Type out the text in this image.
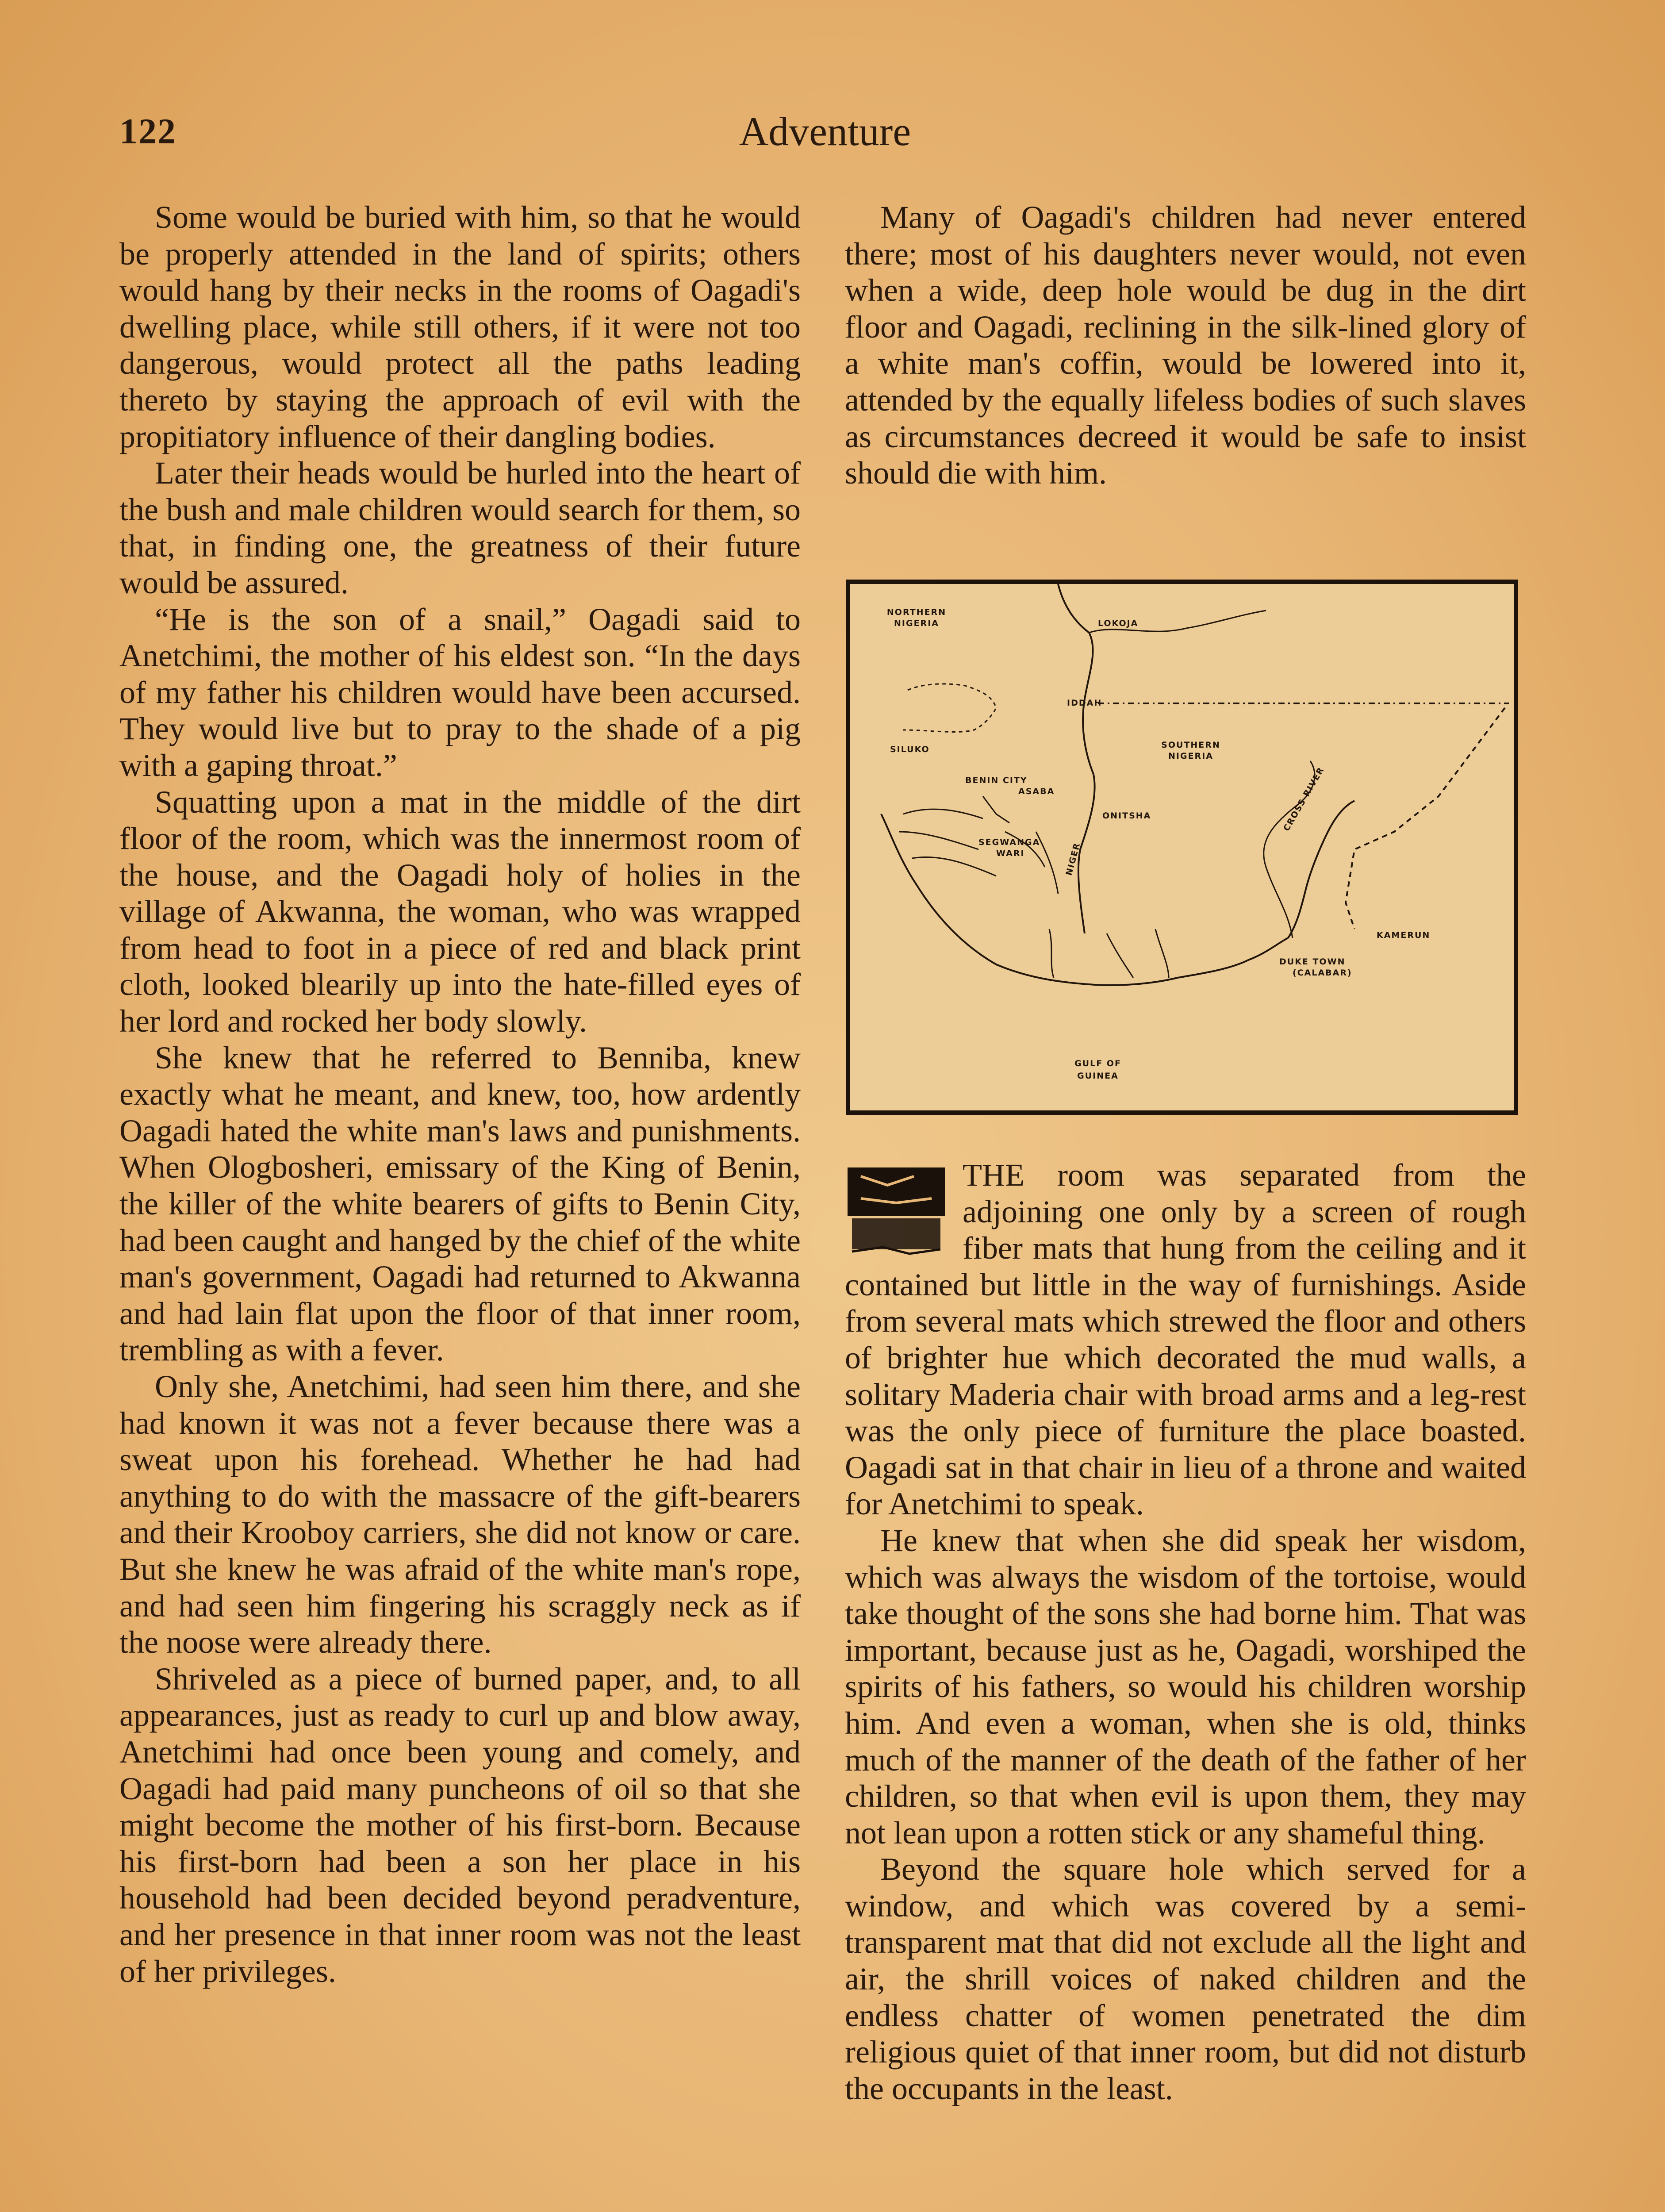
122	Adventure

Some would be buried with him, so that he would be properly attended in the land of spirits; others would hang by their necks in the rooms of Oagadi's dwelling place, while still others, if it were not too dangerous, would protect all the paths leading thereto by staying the approach of evil with the propitiatory influence of their dangling bodies.

Later their heads would be hurled into the heart of the bush and male children would search for them, so that, in finding one, the greatness of their future would be assured.

“He is the son of a snail,” Oagadi said to Anetchimi, the mother of his eldest son. “In the days of my father his children would have been accursed. They would live but to pray to the shade of a pig with a gaping throat.”

Squatting upon a mat in the middle of the dirt floor of the room, which was the innermost room of the house, and the Oagadi holy of holies in the village of Akwanna, the woman, who was wrapped from head to foot in a piece of red and black print cloth, looked blearily up into the hate-filled eyes of her lord and rocked her body slowly.

She knew that he referred to Benniba, knew exactly what he meant, and knew, too, how ardently Oagadi hated the white man's laws and punishments. When Ologbosheri, emissary of the King of Benin, the killer of the white bearers of gifts to Benin City, had been caught and hanged by the chief of the white man's government, Oagadi had returned to Akwanna and had lain flat upon the floor of that inner room, trembling as with a fever.

Only she, Anetchimi, had seen him there, and she had known it was not a fever because there was a sweat upon his forehead. Whether he had had anything to do with the massacre of the gift-bearers and their Krooboy carriers, she did not know or care. But she knew he was afraid of the white man's rope, and had seen him fingering his scraggly neck as if the noose were already there.

Shriveled as a piece of burned paper, and, to all appearances, just as ready to curl up and blow away, Anetchimi had once been young and comely, and Oagadi had paid many puncheons of oil so that she might become the mother of his first-born. Because his first-born had been a son her place in his household had been decided beyond peradventure, and her presence in that inner room was not the least of her privileges.

Many of Oagadi's children had never entered there; most of his daughters never would, not even when a wide, deep hole would be dug in the dirt floor and Oagadi, reclining in the silk-lined glory of a white man's coffin, would be lowered into it, attended by the equally lifeless bodies of such slaves as circumstances decreed it would be safe to insist should die with him.

NORTHERN
NIGERIA	LOKOJA
IDDAH
SOUTHERN
NIGERIA
SILUKO
BENIN CITY
ASABA
ONITSHA
SEGWANGA
WARI	NIGER
CROSS RIVER
KAMERUN
DUKE TOWN
(CALABAR)
GULF OF
GUINEA

THE room was separated from the adjoining one only by a screen of rough fiber mats that hung from the ceiling and it contained but little in the way of furnishings. Aside from several mats which strewed the floor and others of brighter hue which decorated the mud walls, a solitary Maderia chair with broad arms and a leg-rest was the only piece of furniture the place boasted. Oagadi sat in that chair in lieu of a throne and waited for Anetchimi to speak.

He knew that when she did speak her wisdom, which was always the wisdom of the tortoise, would take thought of the sons she had borne him. That was important, because just as he, Oagadi, worshiped the spirits of his fathers, so would his children worship him. And even a woman, when she is old, thinks much of the manner of the death of the father of her children, so that when evil is upon them, they may not lean upon a rotten stick or any shameful thing.

Beyond the square hole which served for a window, and which was covered by a semi-transparent mat that did not exclude all the light and air, the shrill voices of naked children and the endless chatter of women penetrated the dim religious quiet of that inner room, but did not disturb the occupants in the least.
